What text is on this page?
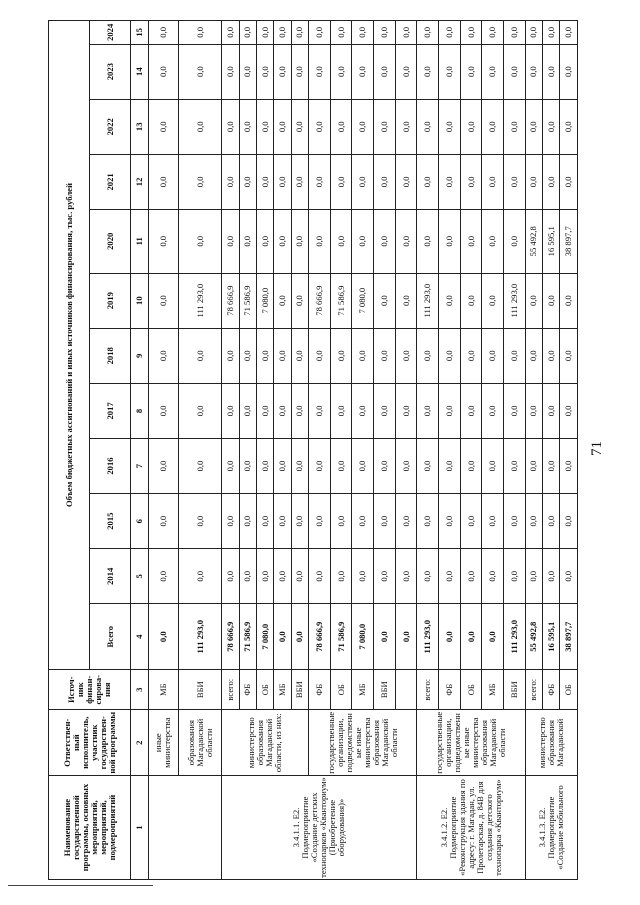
71
Наименование государственной программы, основных мероприятий, мероприятий, подмероприятий	Ответствен-ный исполнитель, участник государствен-ной программы	Источ-ник финан-сирова-ния	Объем бюджетных ассигнований и иных источников финансирования, тыс. рублей											
			Всего	2014	2015	2016	2017	2018	2019	2020	2021	2022	2023	2024
1	2	3	4	5	6	7	8	9	10	11	12	13	14	15
	иные министерства	МБ	0,0	0,0	0,0	0,0	0,0	0,0	0,0	0,0	0,0	0,0	0,0	0,0
	образования Магаданской области	ВБИ	111 293,0	0,0	0,0	0,0	0,0	0,0	111 293,0	0,0	0,0	0,0	0,0	0,0
3.4.1.1. Е2. Подмероприятие «Создание детских технопарков «Кванториум» (Приобретение оборудования)»	министерство образования Магаданской области, из них:	всего:	78 666,9	0,0	0,0	0,0	0,0	0,0	78 666,9	0,0	0,0	0,0	0,0	0,0
		ФБ	71 586,9	0,0	0,0	0,0	0,0	0,0	71 586,9	0,0	0,0	0,0	0,0	0,0
		ОБ	7 080,0	0,0	0,0	0,0	0,0	0,0	7 080,0	0,0	0,0	0,0	0,0	0,0
		МБ	0,0	0,0	0,0	0,0	0,0	0,0	0,0	0,0	0,0	0,0	0,0	0,0
		ВБИ	0,0	0,0	0,0	0,0	0,0	0,0	0,0	0,0	0,0	0,0	0,0	0,0
	государственные организации, подведомственные иные министерства образования Магаданской области	ФБ	78 666,9	0,0	0,0	0,0	0,0	0,0	78 666,9	0,0	0,0	0,0	0,0	0,0
		ОБ	71 586,9	0,0	0,0	0,0	0,0	0,0	71 586,9	0,0	0,0	0,0	0,0	0,0
		МБ	7 080,0	0,0	0,0	0,0	0,0	0,0	7 080,0	0,0	0,0	0,0	0,0	0,0
		ВБИ	0,0	0,0	0,0	0,0	0,0	0,0	0,0	0,0	0,0	0,0	0,0	0,0
			0,0	0,0	0,0	0,0	0,0	0,0	0,0	0,0	0,0	0,0	0,0	0,0
3.4.1.2. Е2. Подмероприятие «Реконструкция здания по адресу: г. Магадан, ул. Пролетарская, д. 84В для создания детского технопарка «Кванториум»	государственные организации, подведомственные иные министерства образования Магаданской области	всего:	111 293,0	0,0	0,0	0,0	0,0	0,0	111 293,0	0,0	0,0	0,0	0,0	0,0
		ФБ	0,0	0,0	0,0	0,0	0,0	0,0	0,0	0,0	0,0	0,0	0,0	0,0
		ОБ	0,0	0,0	0,0	0,0	0,0	0,0	0,0	0,0	0,0	0,0	0,0	0,0
		МБ	0,0	0,0	0,0	0,0	0,0	0,0	0,0	0,0	0,0	0,0	0,0	0,0
		ВБИ	111 293,0	0,0	0,0	0,0	0,0	0,0	111 293,0	0,0	0,0	0,0	0,0	0,0
3.4.1.3. Е2. Подмероприятие «Создание мобильного	министерство образования Магаданской	всего:	55 492,8	0,0	0,0	0,0	0,0	0,0	0,0	55 492,8	0,0	0,0	0,0	0,0
		ФБ	16 595,1	0,0	0,0	0,0	0,0	0,0	0,0	16 595,1	0,0	0,0	0,0	0,0
		ОБ	38 897,7	0,0	0,0	0,0	0,0	0,0	0,0	38 897,7	0,0	0,0	0,0	0,0
